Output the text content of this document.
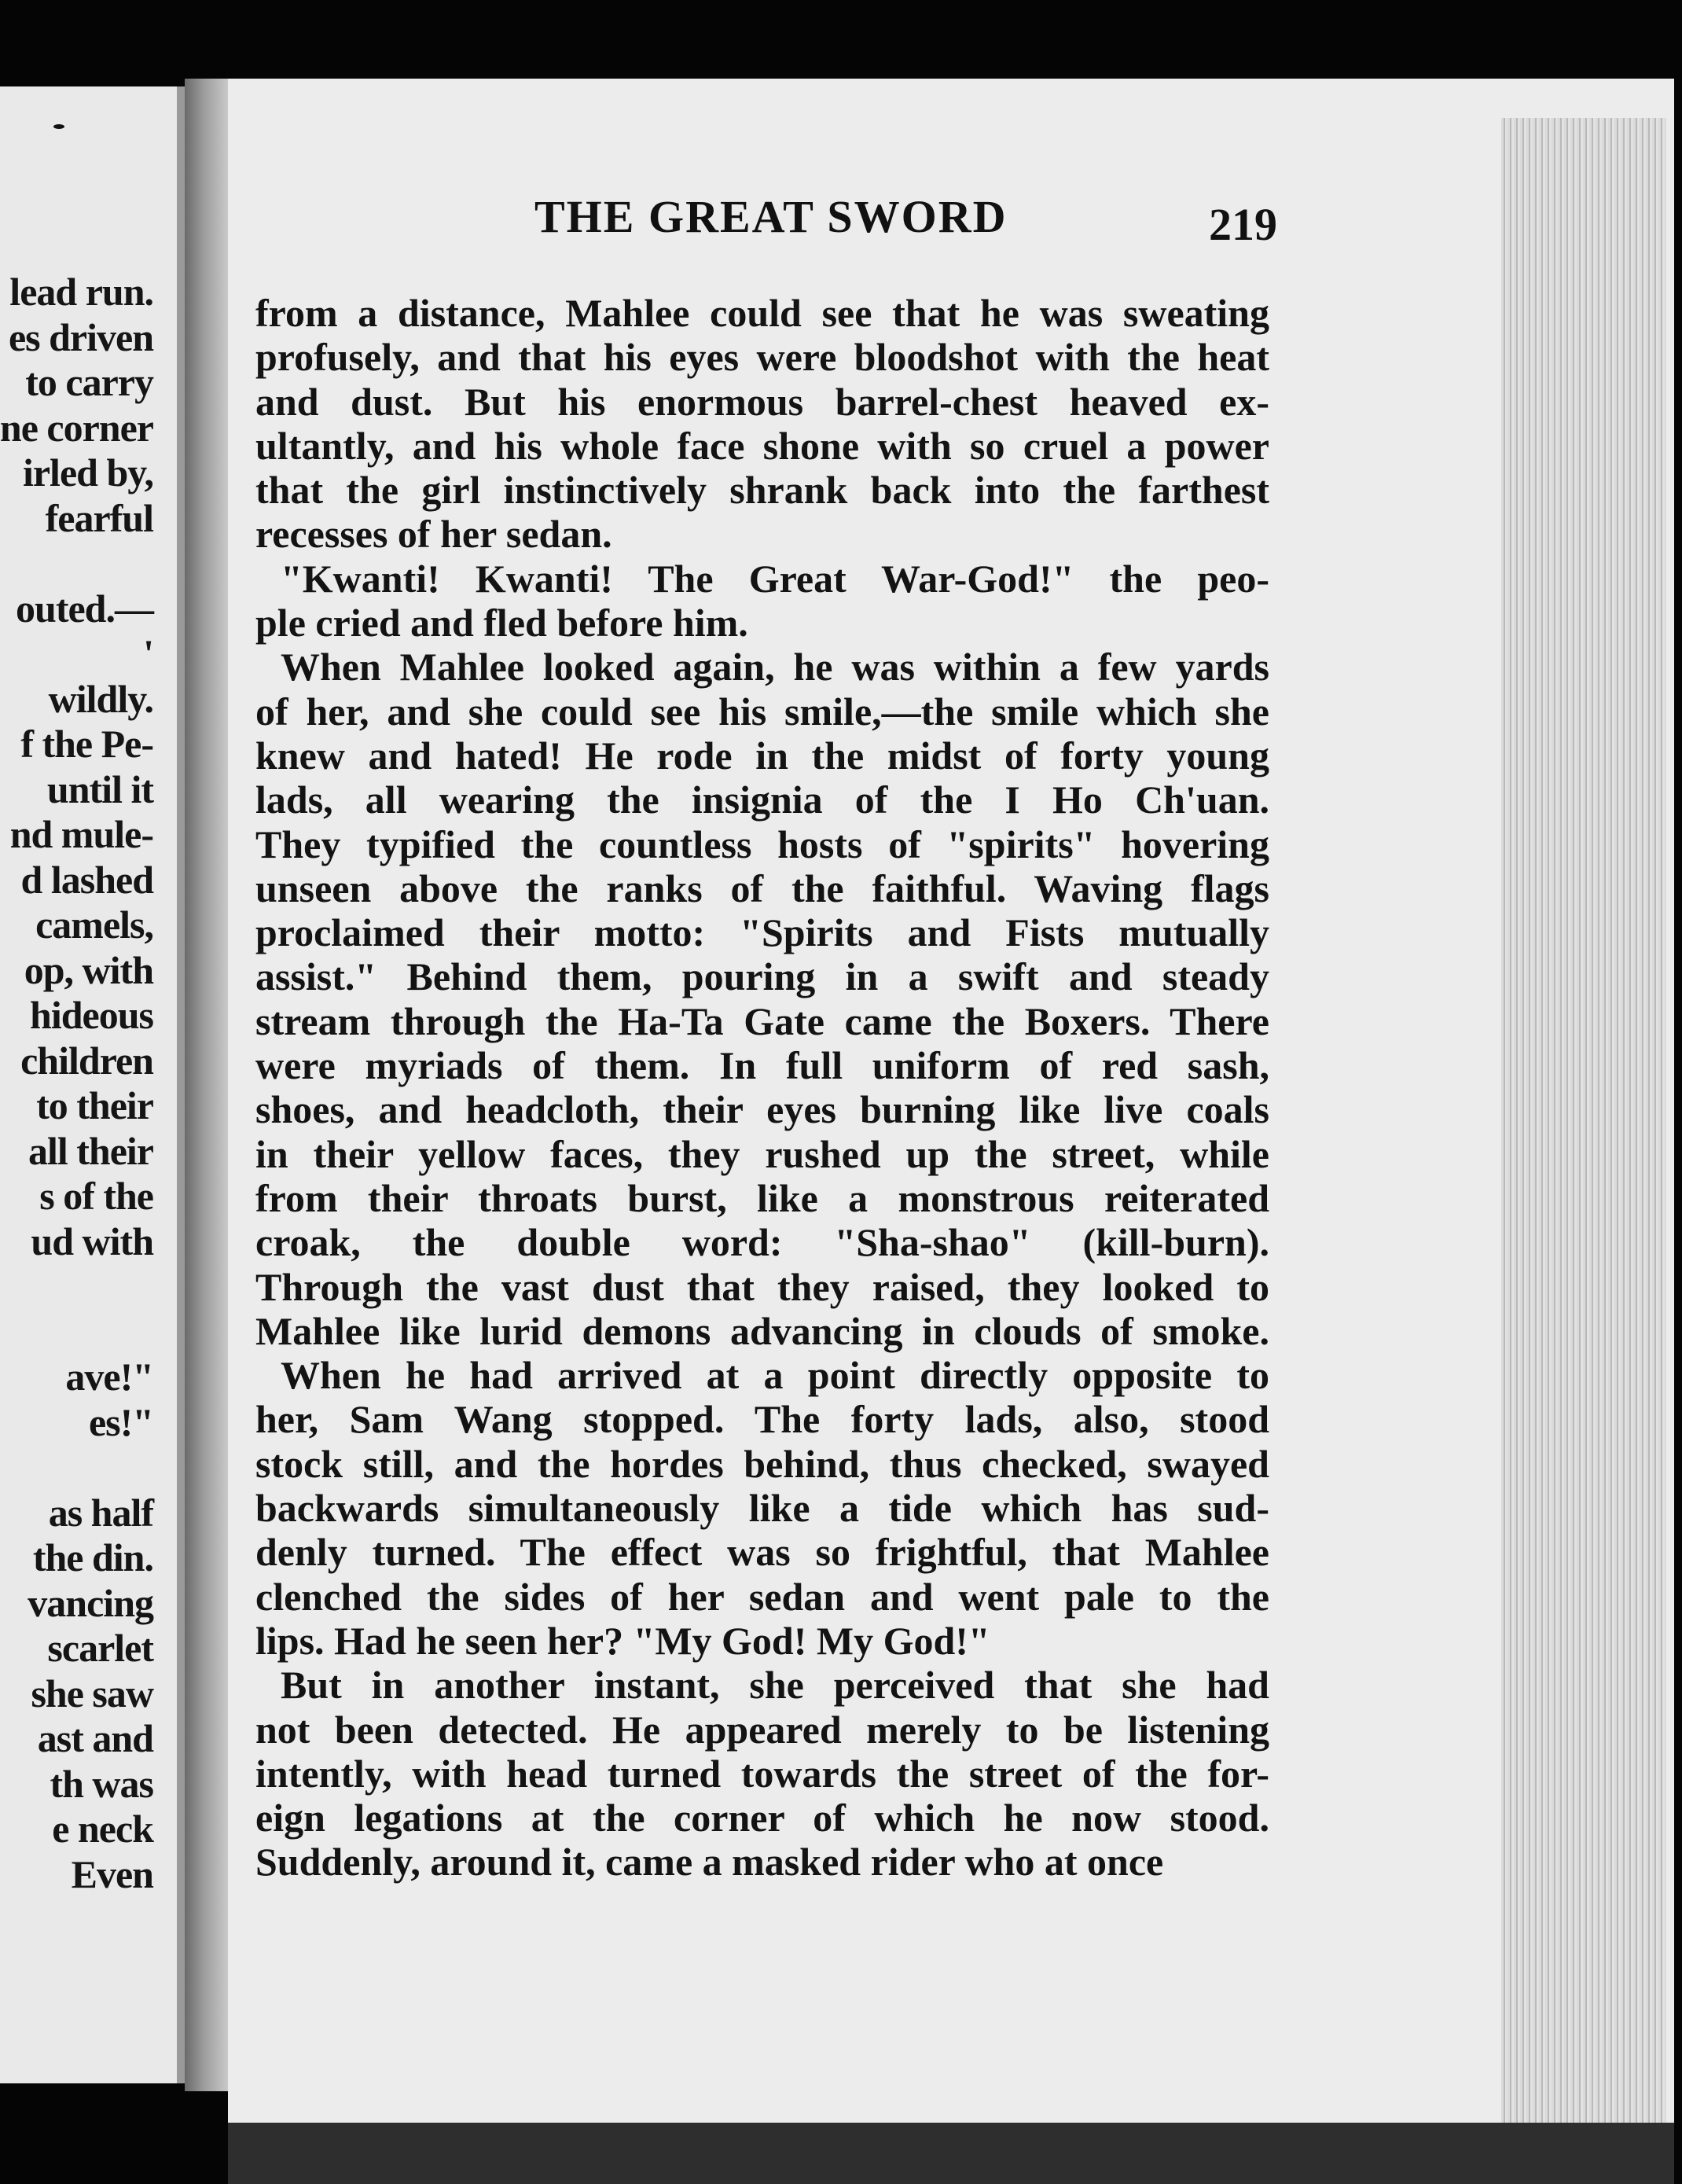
lead run.
es driven
to carry
ne corner
irled by,
fearful
outed.—
'
wildly.
f the Pe-
until it
nd mule-
d lashed
camels,
op, with
hideous
children
to their
all their
s of the
ud with
ave!"
es!"
as half
the din.
vancing
scarlet
she saw
ast and
th was
e neck
Even
THE GREAT SWORD	219
from a distance, Mahlee could see that he was sweating
profusely, and that his eyes were bloodshot with the heat
and dust. But his enormous barrel-chest heaved ex-
ultantly, and his whole face shone with so cruel a power
that the girl instinctively shrank back into the farthest
recesses of her sedan.
"Kwanti! Kwanti! The Great War-God!" the peo-
ple cried and fled before him.
When Mahlee looked again, he was within a few yards
of her, and she could see his smile,—the smile which she
knew and hated! He rode in the midst of forty young
lads, all wearing the insignia of the I Ho Ch'uan.
They typified the countless hosts of "spirits" hovering
unseen above the ranks of the faithful. Waving flags
proclaimed their motto: "Spirits and Fists mutually
assist." Behind them, pouring in a swift and steady
stream through the Ha-Ta Gate came the Boxers. There
were myriads of them. In full uniform of red sash,
shoes, and headcloth, their eyes burning like live coals
in their yellow faces, they rushed up the street, while
from their throats burst, like a monstrous reiterated
croak, the double word: "Sha-shao" (kill-burn).
Through the vast dust that they raised, they looked to
Mahlee like lurid demons advancing in clouds of smoke.
When he had arrived at a point directly opposite to
her, Sam Wang stopped. The forty lads, also, stood
stock still, and the hordes behind, thus checked, swayed
backwards simultaneously like a tide which has sud-
denly turned. The effect was so frightful, that Mahlee
clenched the sides of her sedan and went pale to the
lips. Had he seen her? "My God! My God!"
But in another instant, she perceived that she had
not been detected. He appeared merely to be listening
intently, with head turned towards the street of the for-
eign legations at the corner of which he now stood.
Suddenly, around it, came a masked rider who at once
